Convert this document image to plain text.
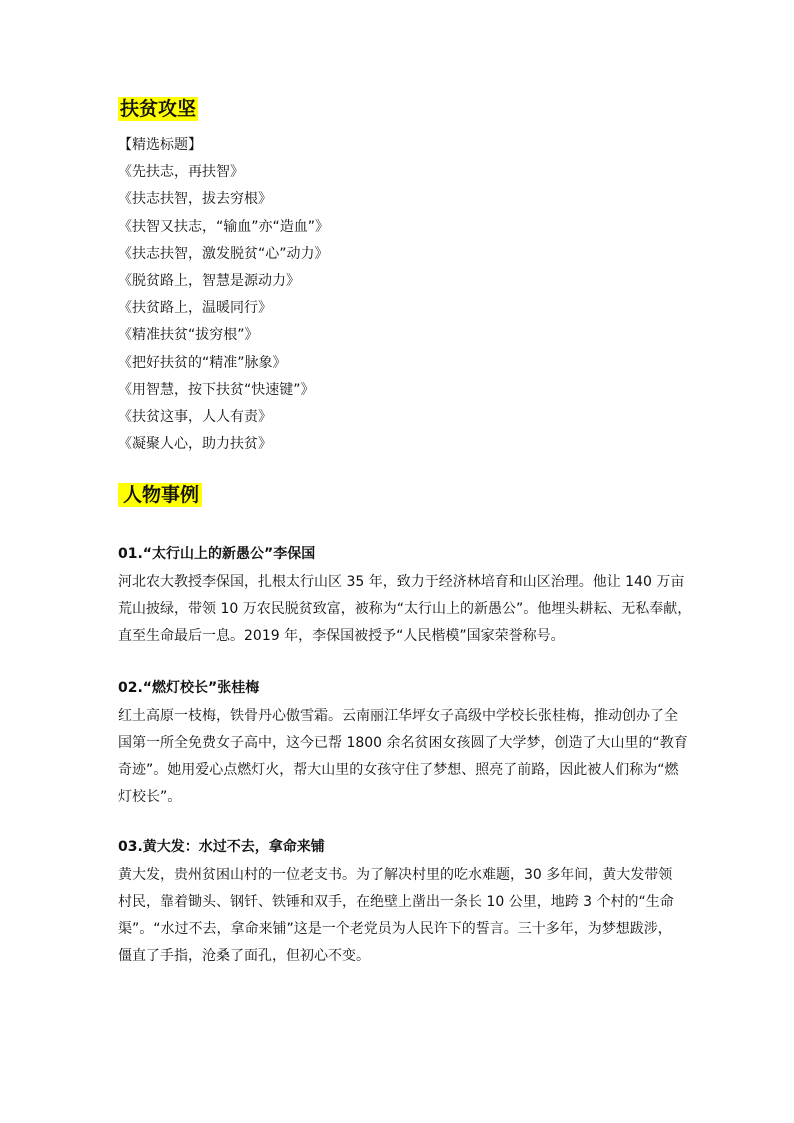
扶贫攻坚
【精选标题】
《先扶志，再扶智》
《扶志扶智，拔去穷根》
《扶智又扶志，“输血”亦“造血”》
《扶志扶智，激发脱贫“心”动力》
《脱贫路上，智慧是源动力》
《扶贫路上，温暖同行》
《精准扶贫“拔穷根”》
《把好扶贫的“精准”脉象》
《用智慧，按下扶贫“快速键”》
《扶贫这事，人人有责》
《凝聚人心，助力扶贫》
人物事例
01.“太行山上的新愚公”李保国

河北农大教授李保国，扎根太行山区 35 年，致力于经济林培育和山区治理。他让 140 万亩
荒山披绿，带领 10 万农民脱贫致富，被称为“太行山上的新愚公”。他埋头耕耘、无私奉献，
直至生命最后一息。2019 年，李保国被授予“人民楷模”国家荣誉称号。

02.“燃灯校长”张桂梅

红土高原一枝梅，铁骨丹心傲雪霜。云南丽江华坪女子高级中学校长张桂梅，推动创办了全
国第一所全免费女子高中，这今已帮 1800 余名贫困女孩圆了大学梦，创造了大山里的“教育
奇迹”。她用爱心点燃灯火，帮大山里的女孩守住了梦想、照亮了前路，因此被人们称为“燃
灯校长”。

03.黄大发：水过不去，拿命来铺

黄大发，贵州贫困山村的一位老支书。为了解决村里的吃水难题，30 多年间，黄大发带领
村民，靠着锄头、钢钎、铁锤和双手，在绝壁上凿出一条长 10 公里，地跨 3 个村的“生命
渠”。“水过不去，拿命来铺”这是一个老党员为人民许下的誓言。三十多年，为梦想跋涉，
僵直了手指，沧桑了面孔，但初心不变。
